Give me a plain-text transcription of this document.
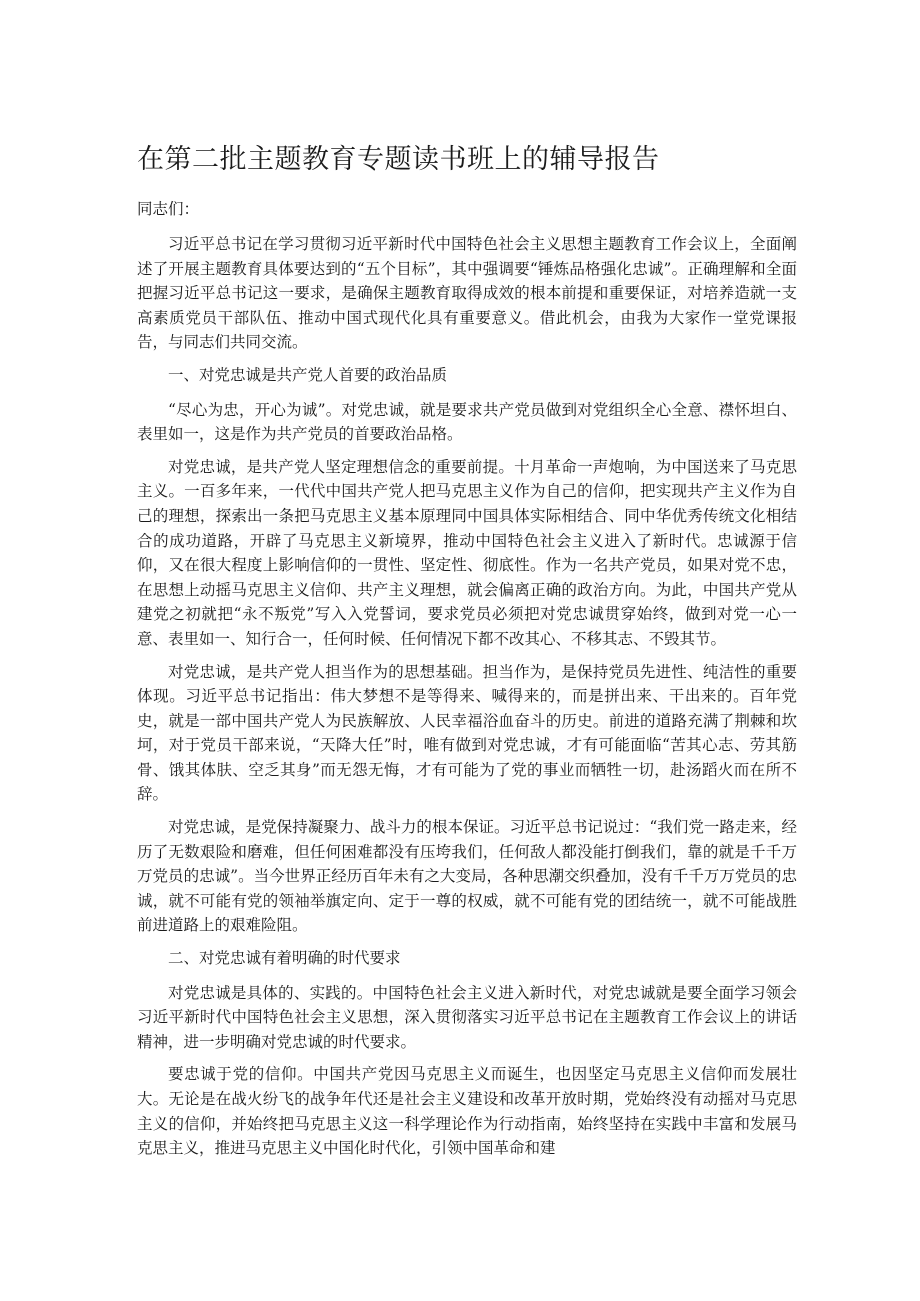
在第二批主题教育专题读书班上的辅导报告

同志们：

习近平总书记在学习贯彻习近平新时代中国特色社会主义思想主题教育工作会议上，全面阐述了开展主题教育具体要达到的“五个目标”，其中强调要“锤炼品格强化忠诚”。正确理解和全面把握习近平总书记这一要求，是确保主题教育取得成效的根本前提和重要保证，对培养造就一支高素质党员干部队伍、推动中国式现代化具有重要意义。借此机会，由我为大家作一堂党课报告，与同志们共同交流。

一、对党忠诚是共产党人首要的政治品质

“尽心为忠，开心为诚”。对党忠诚，就是要求共产党员做到对党组织全心全意、襟怀坦白、表里如一，这是作为共产党员的首要政治品格。

对党忠诚，是共产党人坚定理想信念的重要前提。十月革命一声炮响，为中国送来了马克思主义。一百多年来，一代代中国共产党人把马克思主义作为自己的信仰，把实现共产主义作为自己的理想，探索出一条把马克思主义基本原理同中国具体实际相结合、同中华优秀传统文化相结合的成功道路，开辟了马克思主义新境界，推动中国特色社会主义进入了新时代。忠诚源于信仰，又在很大程度上影响信仰的一贯性、坚定性、彻底性。作为一名共产党员，如果对党不忠，在思想上动摇马克思主义信仰、共产主义理想，就会偏离正确的政治方向。为此，中国共产党从建党之初就把“永不叛党”写入入党誓词，要求党员必须把对党忠诚贯穿始终，做到对党一心一意、表里如一、知行合一，任何时候、任何情况下都不改其心、不移其志、不毁其节。

对党忠诚，是共产党人担当作为的思想基础。担当作为，是保持党员先进性、纯洁性的重要体现。习近平总书记指出：伟大梦想不是等得来、喊得来的，而是拼出来、干出来的。百年党史，就是一部中国共产党人为民族解放、人民幸福浴血奋斗的历史。前进的道路充满了荆棘和坎坷，对于党员干部来说，“天降大任”时，唯有做到对党忠诚，才有可能面临“苦其心志、劳其筋骨、饿其体肤、空乏其身”而无怨无悔，才有可能为了党的事业而牺牲一切，赴汤蹈火而在所不辞。

对党忠诚，是党保持凝聚力、战斗力的根本保证。习近平总书记说过：“我们党一路走来，经历了无数艰险和磨难，但任何困难都没有压垮我们，任何敌人都没能打倒我们，靠的就是千千万万党员的忠诚”。当今世界正经历百年未有之大变局，各种思潮交织叠加，没有千千万万党员的忠诚，就不可能有党的领袖举旗定向、定于一尊的权威，就不可能有党的团结统一，就不可能战胜前进道路上的艰难险阻。

二、对党忠诚有着明确的时代要求

对党忠诚是具体的、实践的。中国特色社会主义进入新时代，对党忠诚就是要全面学习领会习近平新时代中国特色社会主义思想，深入贯彻落实习近平总书记在主题教育工作会议上的讲话精神，进一步明确对党忠诚的时代要求。

要忠诚于党的信仰。中国共产党因马克思主义而诞生，也因坚定马克思主义信仰而发展壮大。无论是在战火纷飞的战争年代还是社会主义建设和改革开放时期，党始终没有动摇对马克思主义的信仰，并始终把马克思主义这一科学理论作为行动指南，始终坚持在实践中丰富和发展马克思主义，推进马克思主义中国化时代化，引领中国革命和建
